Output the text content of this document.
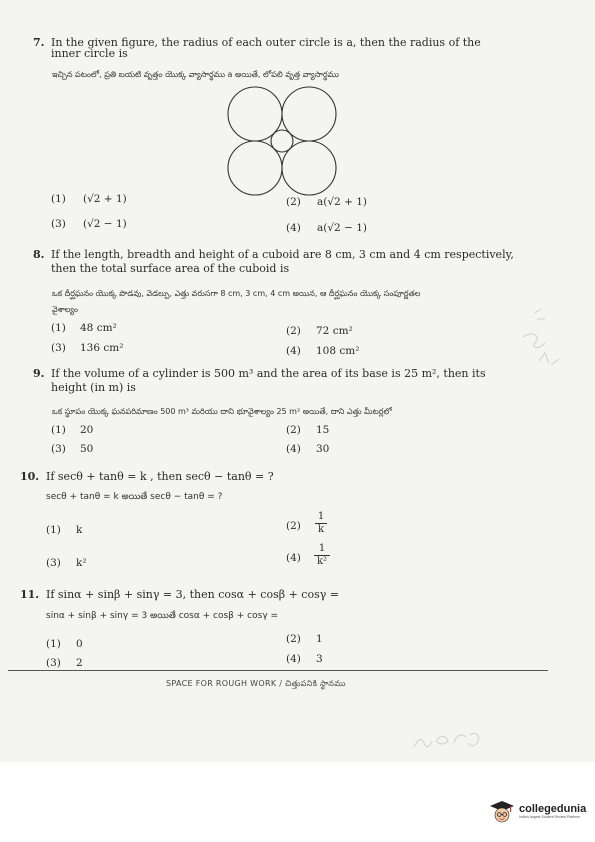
7. In the given figure, the radius of each outer circle is a, then the radius of the
inner circle is
ఇచ్చిన పటంలో, ప్రతి బయటి వృత్తం యొక్క వ్యాసార్థము a అయితే, లోపలి వృత్త వ్యాసార్థము
(1) (√2 + 1)	(2) a(√2 + 1)
(3) (√2 − 1)	(4) a(√2 − 1)
8. If the length, breadth and height of a cuboid are 8 cm, 3 cm and 4 cm respectively,
then the total surface area of the cuboid is
ఒక దీర్ఘఘనం యొక్క పొడవు, వెడల్పు, ఎత్తు వరుసగా 8 cm, 3 cm, 4 cm అయిన, ఆ దీర్ఘఘనం యొక్క సంపూర్ణతల
వైశాల్యం
(1) 48 cm²	(2) 72 cm²
(3) 136 cm²	(4) 108 cm²
9. If the volume of a cylinder is 500 m³ and the area of its base is 25 m², then its
height (in m) is
ఒక స్థూపం యొక్క ఘనపరిమాణం 500 m³ మరియు దాని భూవైశాల్యం 25 m² అయితే, దాని ఎత్తు మీటర్లలో
(1) 20	(2) 15
(3) 50	(4) 30
10. If secθ + tanθ = k , then secθ − tanθ = ?
secθ + tanθ = k అయితే secθ − tanθ = ?
(1) k	$(2) \frac{1}{k}$
(3) k²	$(4) \frac{1}{\text{k²}}$
11. If sinα + sinβ + sinγ = 3, then cosα + cosβ + cosγ =
sinα + sinβ + sinγ = 3 అయితే cosα + cosβ + cosγ =
(1) 0	(2) 1
(3) 2	(4) 3
SPACE FOR ROUGH WORK / చిత్తుపనికి స్థానము
collegedunia
India's largest Student Review Platform
